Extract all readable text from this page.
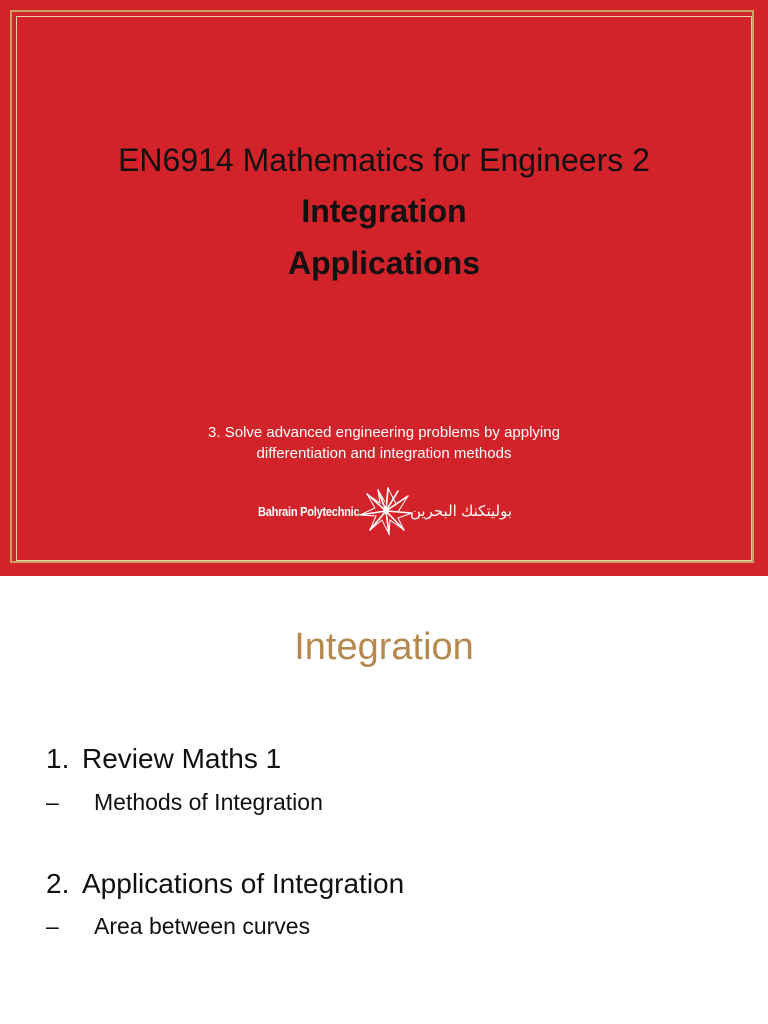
EN6914 Mathematics for Engineers 2
Integration
Applications
3. Solve advanced engineering problems by applying
differentiation and integration methods
Bahrain Polytechnic	بوليتكنك البحرين
Integration
1. Review Maths 1
– Methods of Integration
2. Applications of Integration
– Area between curves
